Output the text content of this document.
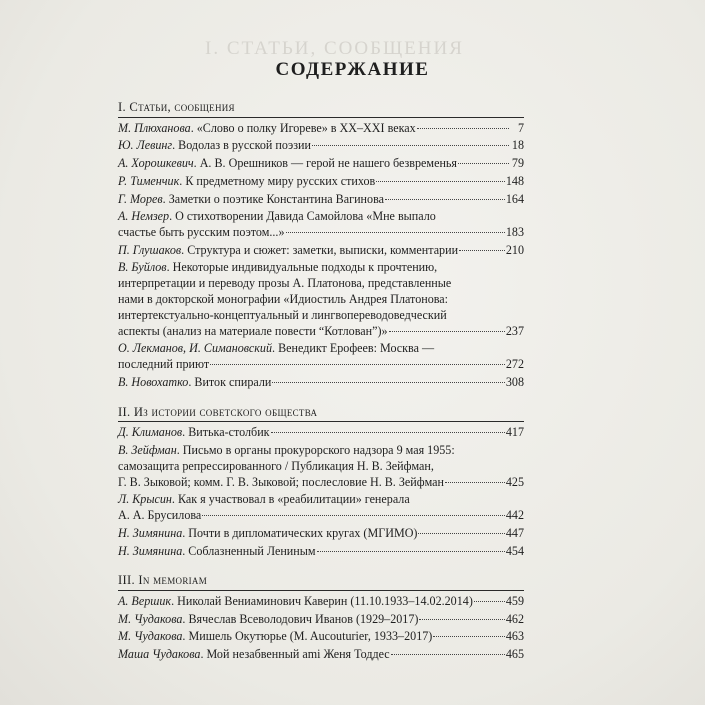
I. СТАТЬИ, СООБЩЕНИЯ
СОДЕРЖАНИЕ
I. Статьи, сообщения
М. Плюханова. «Слово о полку Игореве» в XX–XXI веках	7
Ю. Левинг. Водолаз в русской поэзии	18
А. Хорошкевич. А. В. Орешников — герой не нашего безвременья	79
Р. Тименчик. К предметному миру русских стихов	148
Г. Морев. Заметки о поэтике Константина Вагинова	164
А. Немзер. О стихотворении Давида Самойлова «Мне выпало
счастье быть русским поэтом...»	183
П. Глушаков. Структура и сюжет: заметки, выписки, комментарии	210
В. Буйлов. Некоторые индивидуальные подходы к прочтению,
интерпретации и переводу прозы А. Платонова, представленные
нами в докторской монографии «Идиостиль Андрея Платонова:
интертекстуально-концептуальный и лингвопереводоведческий
аспекты (анализ на материале повести “Котлован”)»	237
О. Лекманов, И. Симановский. Венедикт Ерофеев: Москва —
последний приют	272
В. Новохатко. Виток спирали	308
II. Из истории советского общества
Д. Климанов. Витька-столбик	417
В. Зейфман. Письмо в органы прокурорского надзора 9 мая 1955:
самозащита репрессированного / Публикация Н. В. Зейфман,
Г. В. Зыковой; комм. Г. В. Зыковой; послесловие Н. В. Зейфман	425
Л. Крысин. Как я участвовал в «реабилитации» генерала
А. А. Брусилова	442
Н. Зимянина. Почти в дипломатических кругах (МГИМО)	447
Н. Зимянина. Соблазненный Лениным	454
III. In memoriam
А. Вершик. Николай Вениаминович Каверин (11.10.1933–14.02.2014)	459
М. Чудакова. Вячеслав Всеволодович Иванов (1929–2017)	462
М. Чудакова. Мишель Окутюрье (M. Aucouturier, 1933–2017)	463
Маша Чудакова. Мой незабвенный ami Женя Тоддес	465
